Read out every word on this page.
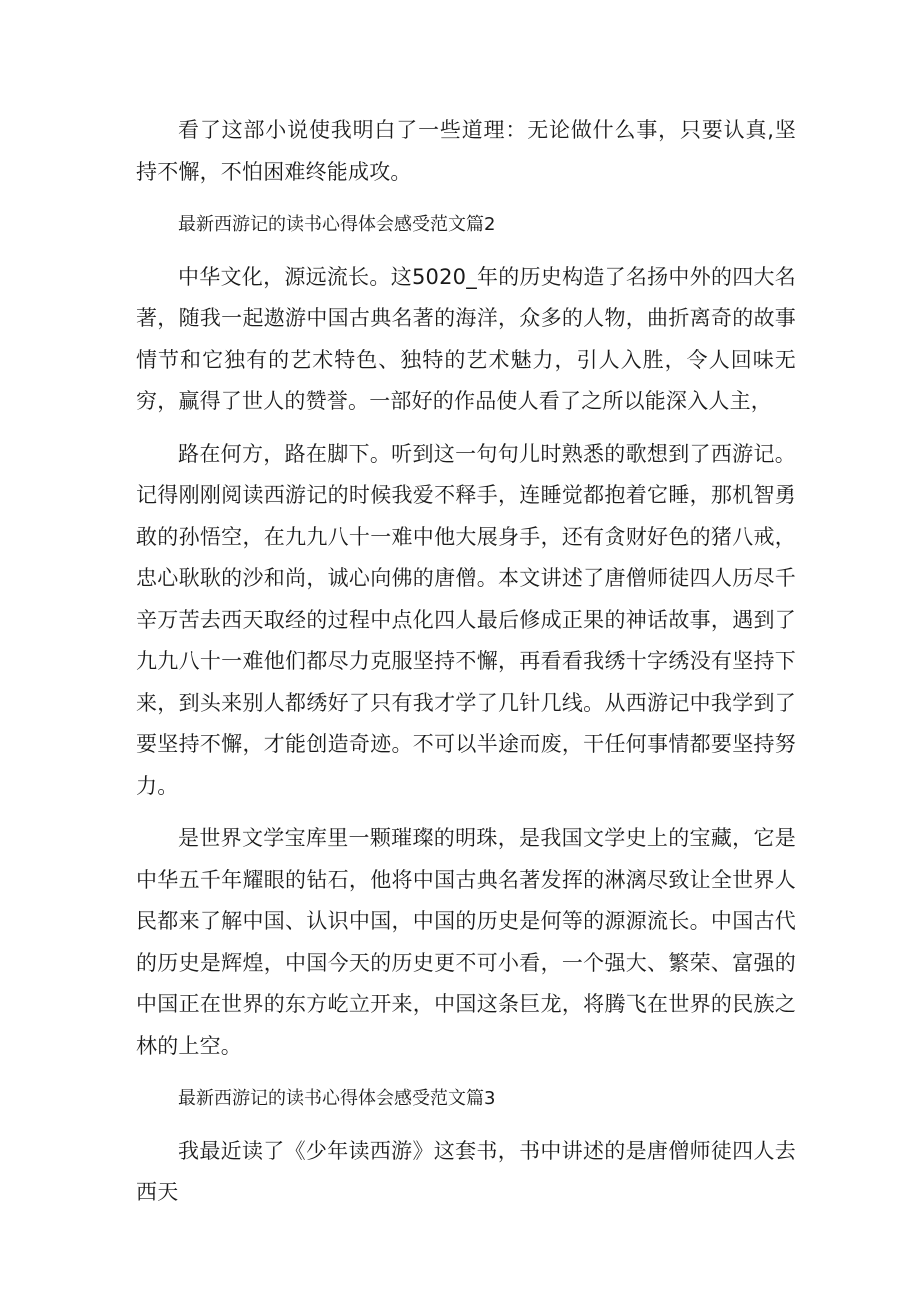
看了这部小说使我明白了一些道理：无论做什么事，只要认真,坚持不懈，不怕困难终能成攻。

最新西游记的读书心得体会感受范文篇2

中华文化，源远流长。这5020_年的历史构造了名扬中外的四大名著，随我一起遨游中国古典名著的海洋，众多的人物，曲折离奇的故事情节和它独有的艺术特色、独特的艺术魅力，引人入胜，令人回味无穷，赢得了世人的赞誉。一部好的作品使人看了之所以能深入人主，

路在何方，路在脚下。听到这一句句儿时熟悉的歌想到了西游记。记得刚刚阅读西游记的时候我爱不释手，连睡觉都抱着它睡，那机智勇敢的孙悟空，在九九八十一难中他大展身手，还有贪财好色的猪八戒，忠心耿耿的沙和尚，诚心向佛的唐僧。本文讲述了唐僧师徒四人历尽千辛万苦去西天取经的过程中点化四人最后修成正果的神话故事，遇到了九九八十一难他们都尽力克服坚持不懈，再看看我绣十字绣没有坚持下来，到头来别人都绣好了只有我才学了几针几线。从西游记中我学到了要坚持不懈，才能创造奇迹。不可以半途而废，干任何事情都要坚持努力。

是世界文学宝库里一颗璀璨的明珠，是我国文学史上的宝藏，它是中华五千年耀眼的钻石，他将中国古典名著发挥的淋漓尽致让全世界人民都来了解中国、认识中国，中国的历史是何等的源源流长。中国古代的历史是辉煌，中国今天的历史更不可小看，一个强大、繁荣、富强的中国正在世界的东方屹立开来，中国这条巨龙，将腾飞在世界的民族之林的上空。

最新西游记的读书心得体会感受范文篇3

我最近读了《少年读西游》这套书，书中讲述的是唐僧师徒四人去西天
